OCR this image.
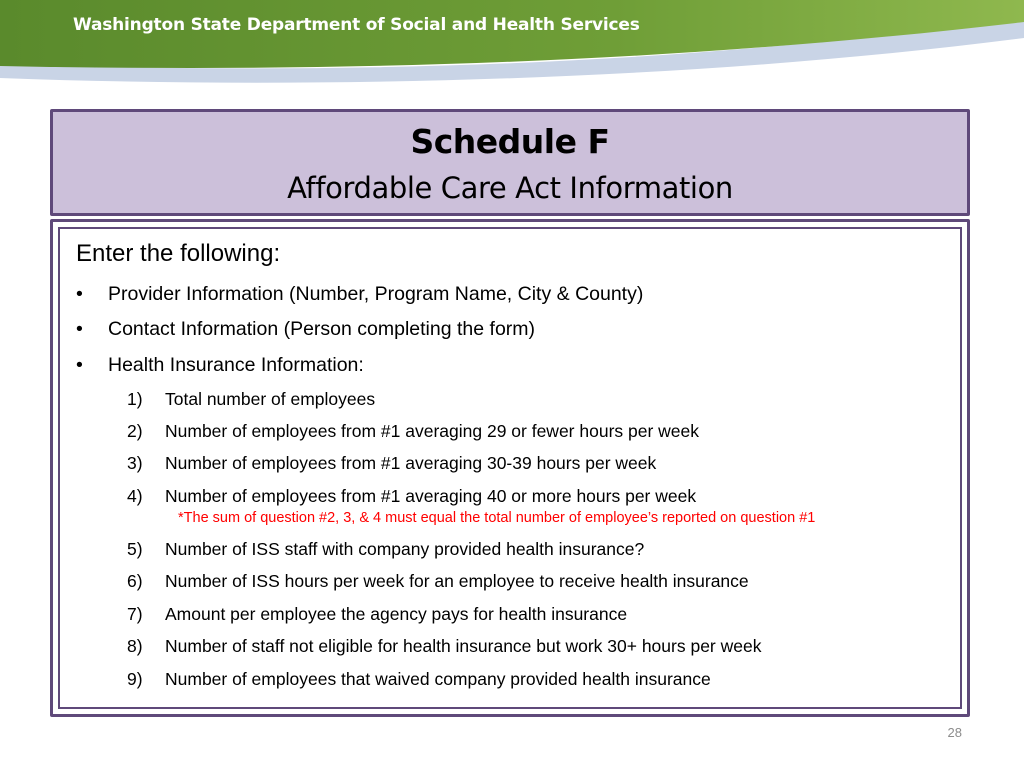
Washington State Department of Social and Health Services
Schedule F
Affordable Care Act Information
Enter the following:
• Provider Information (Number, Program Name, City & County)
• Contact Information (Person completing the form)
• Health Insurance Information:
1) Total number of employees
2) Number of employees from #1 averaging 29 or fewer hours per week
3) Number of employees from #1 averaging 30-39 hours per week
4) Number of employees from #1 averaging 40 or more hours per week
*The sum of question #2, 3, & 4 must equal the total number of employee’s reported on question #1
5) Number of ISS staff with company provided health insurance?
6) Number of ISS hours per week for an employee to receive health insurance
7) Amount per employee the agency pays for health insurance
8) Number of staff not eligible for health insurance but work 30+ hours per week
9) Number of employees that waived company provided health insurance
28
